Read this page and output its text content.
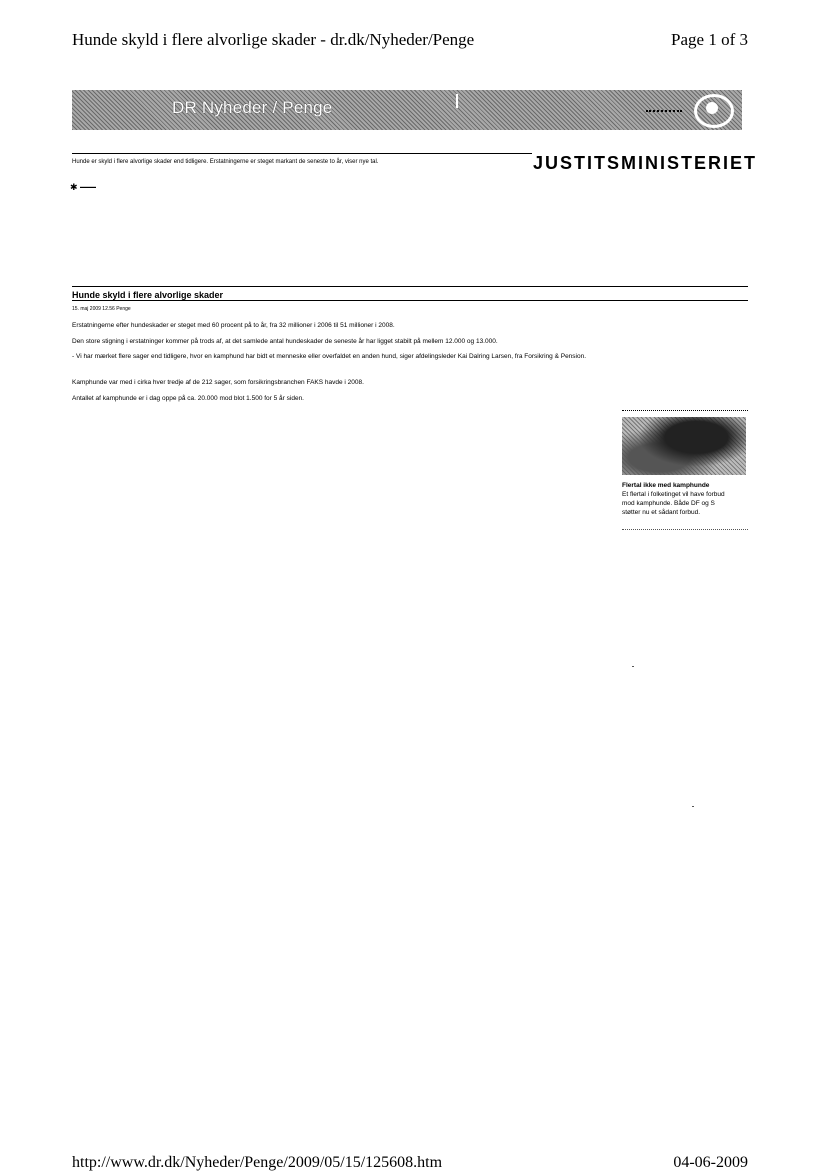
Hunde skyld i flere alvorlige skader - dr.dk/Nyheder/Penge	Page 1 of 3
DR Nyheder / Penge
Hunde er skyld i flere alvorlige skader end tidligere. Erstatningerne er steget markant de seneste to år, viser nye tal.	JUSTITSMINISTERIET
✱ ▬▬▬▬
Hunde skyld i flere alvorlige skader
15. maj 2009 12.56 Penge
Erstatningerne efter hundeskader er steget med 60 procent på to år, fra 32 millioner i 2006 til 51 millioner i 2008.
Den store stigning i erstatninger kommer på trods af, at det samlede antal hundeskader de seneste år har ligget stabilt på mellem 12.000 og 13.000.
- Vi har mærket flere sager end tidligere, hvor en kamphund har bidt et menneske eller overfaldet en anden hund, siger afdelingsleder Kai Dalring Larsen, fra Forsikring & Pension.
Kamphunde var med i cirka hver tredje af de 212 sager, som forsikringsbranchen FAKS havde i 2008.
Antallet af kamphunde er i dag oppe på ca. 20.000 mod blot 1.500 for 5 år siden.
Flertal ikke med kamphunde
Et flertal i folketinget vil have forbud mod kamphunde. Både DF og S støtter nu et sådant forbud.
http://www.dr.dk/Nyheder/Penge/2009/05/15/125608.htm	04-06-2009
